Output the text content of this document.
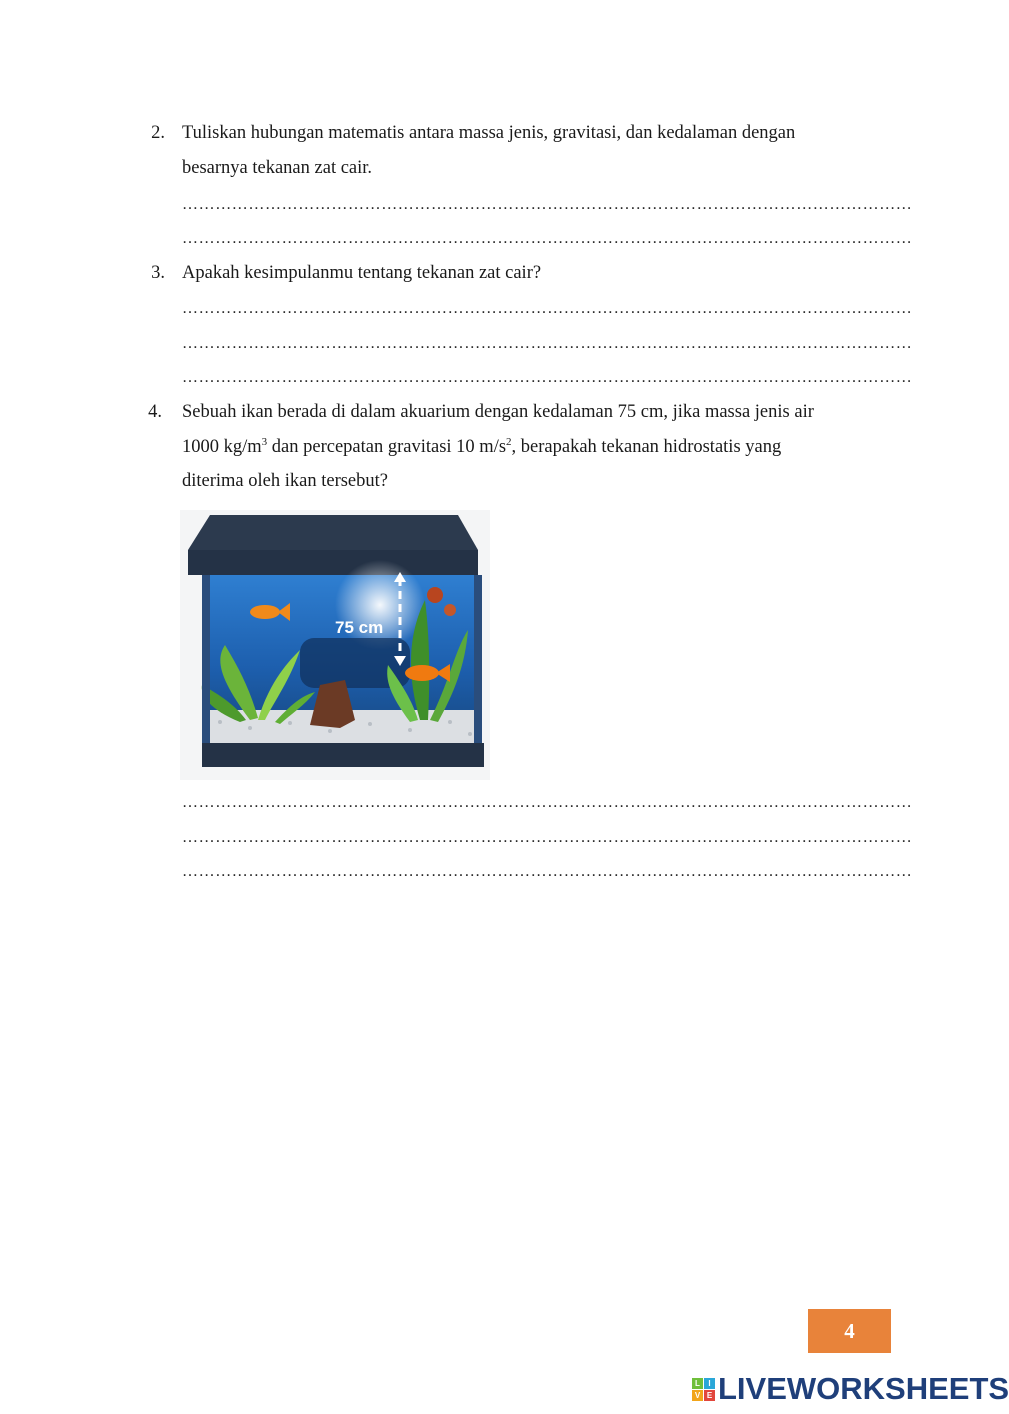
2. Tuliskan hubungan matematis antara massa jenis, gravitasi, dan kedalaman dengan
besarnya tekanan zat cair.
……………………………………………………………………………………………………………………
……………………………………………………………………………………………………………………
3. Apakah kesimpulanmu tentang tekanan zat cair?
……………………………………………………………………………………………………………………
……………………………………………………………………………………………………………………
……………………………………………………………………………………………………………………
4. Sebuah ikan berada di dalam akuarium dengan kedalaman 75 cm, jika massa jenis air
1000 $kg/m^3$ dan percepatan gravitasi 10 $m/s^2$, berapakah tekanan hidrostatis yang
diterima oleh ikan tersebut?
75 cm
……………………………………………………………………………………………………………………
……………………………………………………………………………………………………………………
……………………………………………………………………………………………………………………
4
L	I
V E LIVEWORKSHEETS
